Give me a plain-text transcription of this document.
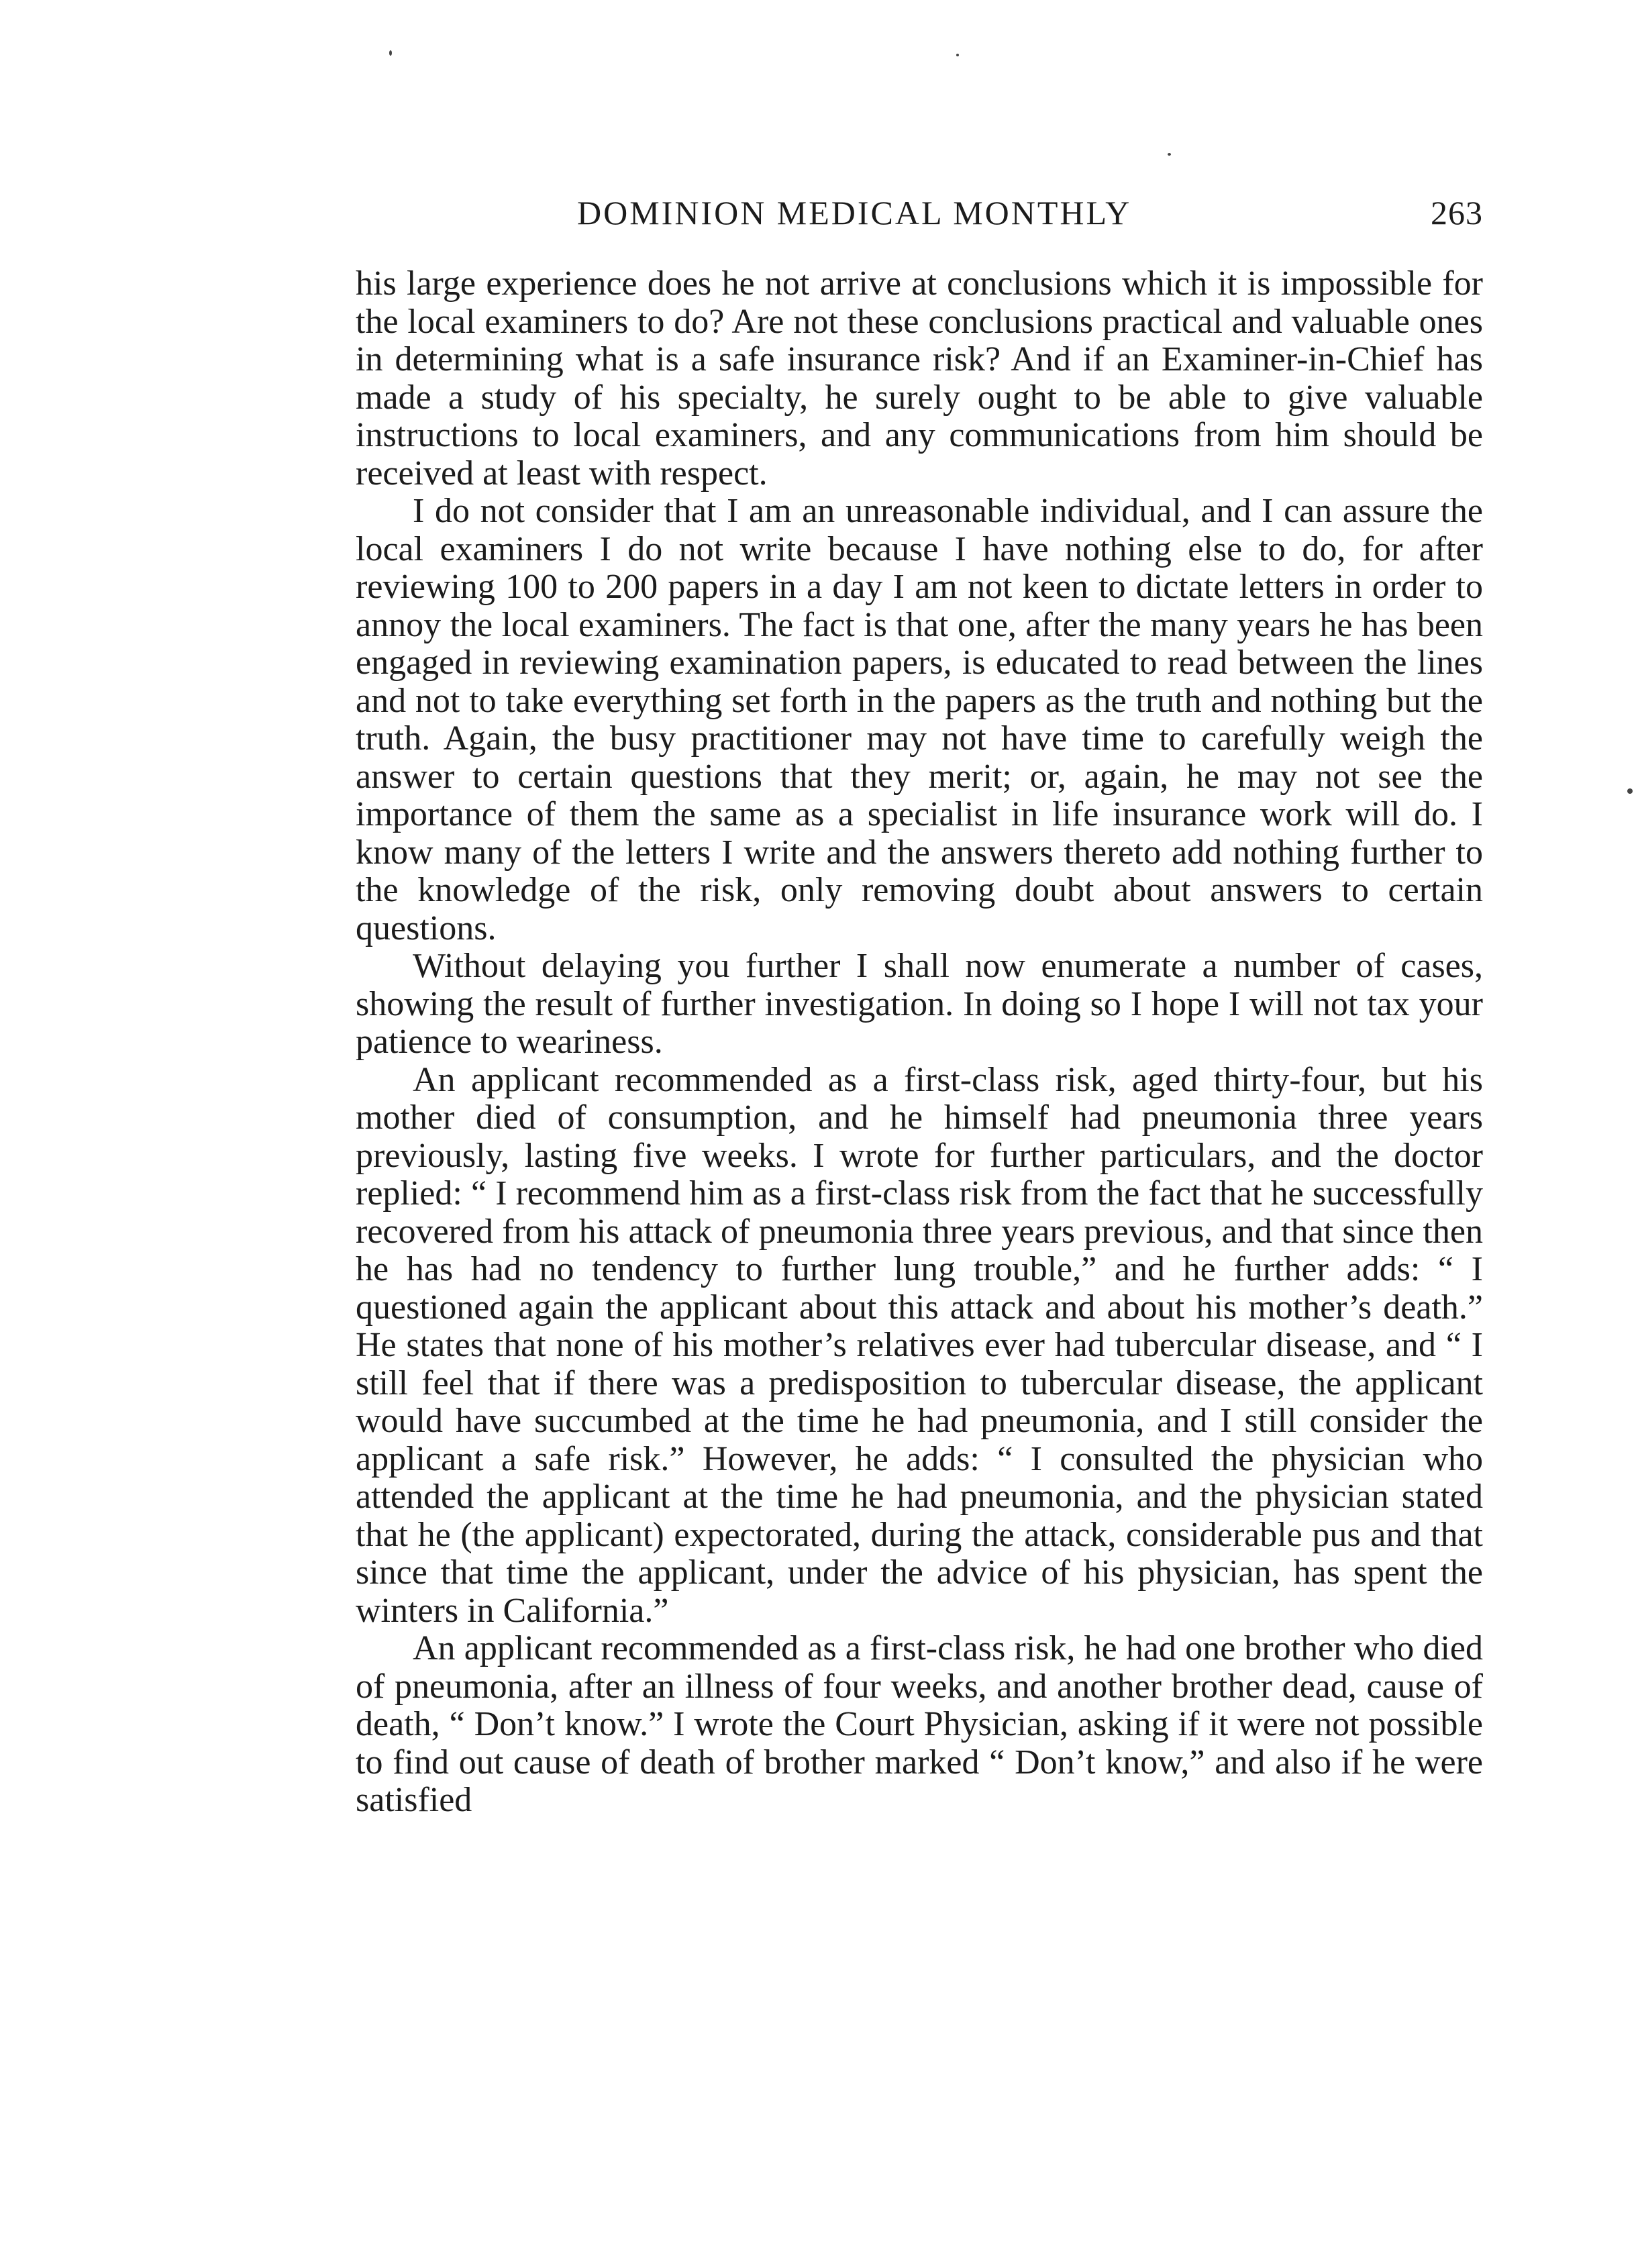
DOMINION MEDICAL MONTHLY	263

his large experience does he not arrive at conclusions which it is impossible for the local examiners to do? Are not these conclusions practical and valuable ones in determining what is a safe insurance risk? And if an Examiner-in-Chief has made a study of his specialty, he surely ought to be able to give valuable instructions to local examiners, and any communications from him should be received at least with respect.

I do not consider that I am an unreasonable individual, and I can assure the local examiners I do not write because I have nothing else to do, for after reviewing 100 to 200 papers in a day I am not keen to dictate letters in order to annoy the local examiners. The fact is that one, after the many years he has been engaged in reviewing examination papers, is educated to read between the lines and not to take everything set forth in the papers as the truth and nothing but the truth. Again, the busy practitioner may not have time to carefully weigh the answer to certain questions that they merit; or, again, he may not see the importance of them the same as a specialist in life insurance work will do. I know many of the letters I write and the answers thereto add nothing further to the knowledge of the risk, only removing doubt about answers to certain questions.

Without delaying you further I shall now enumerate a number of cases, showing the result of further investigation. In doing so I hope I will not tax your patience to weariness.

An applicant recommended as a first-class risk, aged thirty-four, but his mother died of consumption, and he himself had pneumonia three years previously, lasting five weeks. I wrote for further particulars, and the doctor replied: “ I recommend him as a first-class risk from the fact that he successfully recovered from his attack of pneumonia three years previous, and that since then he has had no tendency to further lung trouble,” and he further adds: “ I questioned again the applicant about this attack and about his mother’s death.” He states that none of his mother’s relatives ever had tubercular disease, and “ I still feel that if there was a predisposition to tubercular disease, the applicant would have succumbed at the time he had pneumonia, and I still consider the applicant a safe risk.” However, he adds: “ I consulted the physician who attended the applicant at the time he had pneumonia, and the physician stated that he (the applicant) expectorated, during the attack, considerable pus and that since that time the applicant, under the advice of his physician, has spent the winters in California.”

An applicant recommended as a first-class risk, he had one brother who died of pneumonia, after an illness of four weeks, and another brother dead, cause of death, “ Don’t know.” I wrote the Court Physician, asking if it were not possible to find out cause of death of brother marked “ Don’t know,” and also if he were satisfied
